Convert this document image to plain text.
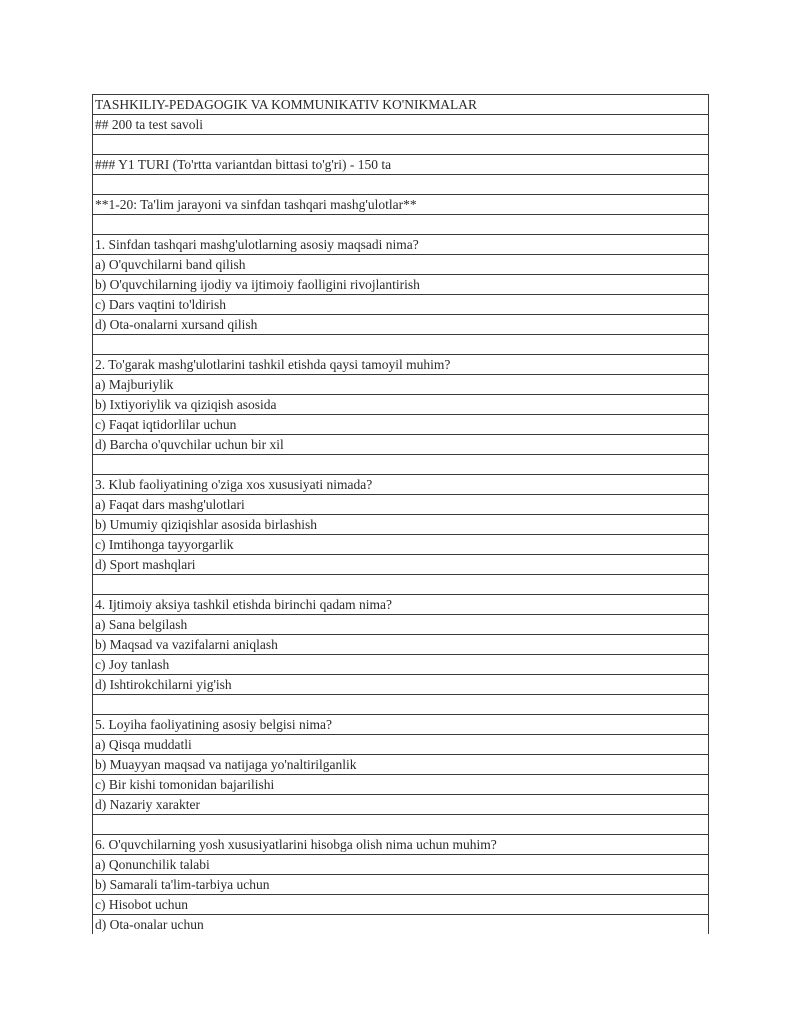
TASHKILIY-PEDAGOGIK VA KOMMUNIKATIV KO'NIKMALAR
## 200 ta test savoli

### Y1 TURI (To'rtta variantdan bittasi to'g'ri) - 150 ta

**1-20: Ta'lim jarayoni va sinfdan tashqari mashg'ulotlar**

1. Sinfdan tashqari mashg'ulotlarning asosiy maqsadi nima?
a) O'quvchilarni band qilish
b) O'quvchilarning ijodiy va ijtimoiy faolligini rivojlantirish
c) Dars vaqtini to'ldirish
d) Ota-onalarni xursand qilish

2. To'garak mashg'ulotlarini tashkil etishda qaysi tamoyil muhim?
a) Majburiylik
b) Ixtiyoriylik va qiziqish asosida
c) Faqat iqtidorlilar uchun
d) Barcha o'quvchilar uchun bir xil

3. Klub faoliyatining o'ziga xos xususiyati nimada?
a) Faqat dars mashg'ulotlari
b) Umumiy qiziqishlar asosida birlashish
c) Imtihonga tayyorgarlik
d) Sport mashqlari

4. Ijtimoiy aksiya tashkil etishda birinchi qadam nima?
a) Sana belgilash
b) Maqsad va vazifalarni aniqlash
c) Joy tanlash
d) Ishtirokchilarni yig'ish

5. Loyiha faoliyatining asosiy belgisi nima?
a) Qisqa muddatli
b) Muayyan maqsad va natijaga yo'naltirilganlik
c) Bir kishi tomonidan bajarilishi
d) Nazariy xarakter

6. O'quvchilarning yosh xususiyatlarini hisobga olish nima uchun muhim?
a) Qonunchilik talabi
b) Samarali ta'lim-tarbiya uchun
c) Hisobot uchun
d) Ota-onalar uchun
